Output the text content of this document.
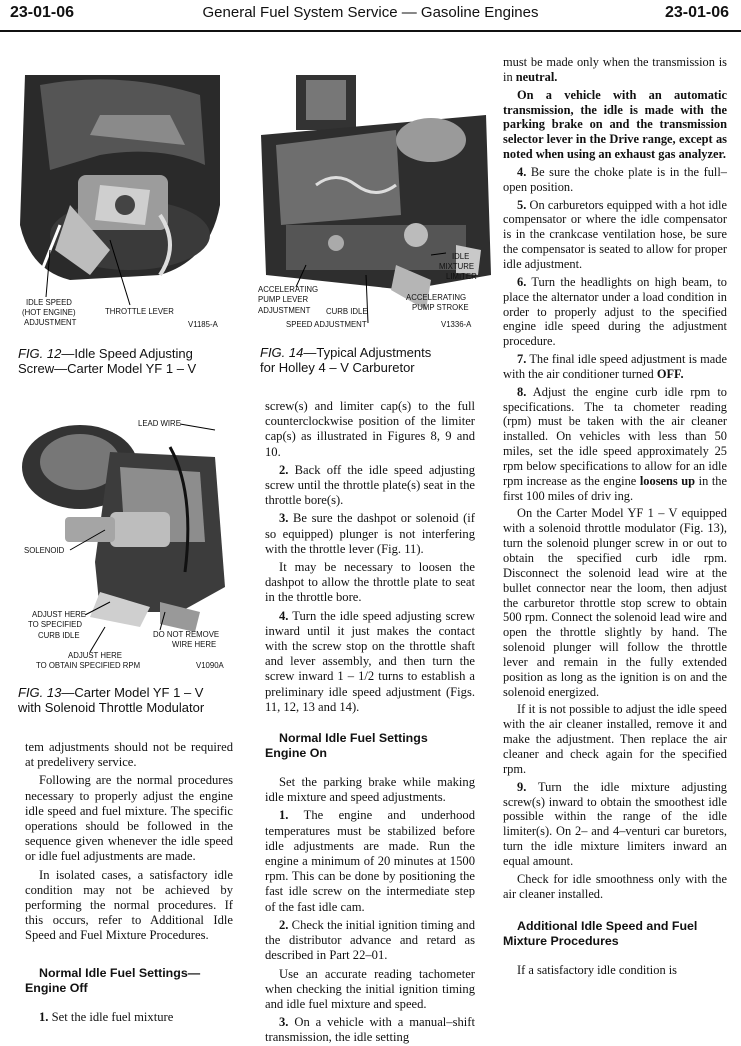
23-01-06	General Fuel System Service — Gasoline Engines	23-01-06
IDLE SPEED
(HOT ENGINE)
ADJUSTMENT
THROTTLE LEVER
V1185-A
FIG. 12—Idle Speed Adjusting
Screw—Carter Model YF 1 – V
IDLE
MIXTURE
LIMITER
ACCELERATING
PUMP LEVER
ADJUSTMENT CURB IDLE
SPEED ADJUSTMENT
ACCELERATING
PUMP STROKE
V1336-A
FIG. 14—Typical Adjustments
for Holley 4 – V Carburetor
LEAD WIRE
SOLENOID
ADJUST HERE
TO SPECIFIED
CURB IDLE	DO NOT REMOVE
WIRE HERE
ADJUST HERE
TO OBTAIN SPECIFIED RPM	V1090A
FIG. 13—Carter Model YF 1 – V
with Solenoid Throttle Modulator

tem adjustments should not be required at predelivery service.

Following are the normal procedures necessary to properly adjust the engine idle speed and fuel mixture. The specific operations should be followed in the sequence given whenever the idle speed or idle fuel adjustments are made.

In isolated cases, a satisfactory idle condition may not be achieved by performing the normal procedures. If this occurs, refer to Additional Idle Speed and Fuel Mixture Procedures.

Normal Idle Fuel Settings— Engine Off

1. Set the idle fuel mixture

screw(s) and limiter cap(s) to the full counterclockwise position of the limiter cap(s) as illustrated in Figures 8, 9 and 10.

2. Back off the idle speed adjusting screw until the throttle plate(s) seat in the throttle bore(s).

3. Be sure the dashpot or solenoid (if so equipped) plunger is not interfering with the throttle lever (Fig. 11).

It may be necessary to loosen the dashpot to allow the throttle plate to seat in the throttle bore.

4. Turn the idle speed adjusting screw inward until it just makes the contact with the screw stop on the throttle shaft and lever assembly, and then turn the screw inward 1 – 1/2 turns to establish a preliminary idle speed adjustment (Figs. 11, 12, 13 and 14).

Normal Idle Fuel Settings Engine On

Set the parking brake while making idle mixture and speed adjustments.

1. The engine and underhood temperatures must be stabilized before idle adjustments are made. Run the engine a minimum of 20 minutes at 1500 rpm. This can be done by positioning the fast idle screw on the intermediate step of the fast idle cam.

2. Check the initial ignition timing and the distributor advance and retard as described in Part 22–01.

Use an accurate reading tachometer when checking the initial ignition timing and idle fuel mixture and speed.

3. On a vehicle with a manual–shift transmission, the idle setting

must be made only when the transmission is in neutral.

On a vehicle with an automatic transmission, the idle is made with the parking brake on and the transmission selector lever in the Drive range, except as noted when using an exhaust gas analyzer.

4. Be sure the choke plate is in the full–open position.

5. On carburetors equipped with a hot idle compensator or where the idle compensator is in the crankcase ventilation hose, be sure the compensator is seated to allow for proper idle adjustment.

6. Turn the headlights on high beam, to place the alternator under a load condition in order to properly adjust to the specified engine idle speed during the adjustment procedure.

7. The final idle speed adjustment is made with the air conditioner turned OFF.

8. Adjust the engine curb idle rpm to specifications. The ta chometer reading (rpm) must be taken with the air cleaner installed. On vehicles with less than 50 miles, set the idle speed approximately 25 rpm below specifications to allow for an idle rpm increase as the engine loosens up in the first 100 miles of driv ing.

On the Carter Model YF 1 – V equipped with a solenoid throttle modulator (Fig. 13), turn the solenoid plunger screw in or out to obtain the specified curb idle rpm. Disconnect the solenoid lead wire at the bullet connector near the loom, then adjust the carburetor throttle stop screw to obtain 500 rpm. Connect the solenoid lead wire and open the throttle slightly by hand. The solenoid plunger will follow the throttle lever and remain in the fully extended position as long as the ignition is on and the solenoid energized.

If it is not possible to adjust the idle speed with the air cleaner installed, remove it and make the adjustment. Then replace the air cleaner and check again for the specified rpm.

9. Turn the idle mixture adjusting screw(s) inward to obtain the smoothest idle possible within the range of the idle limiter(s). On 2– and 4–venturi car buretors, turn the idle mixture limiters inward an equal amount.

Check for idle smoothness only with the air cleaner installed.

Additional Idle Speed and Fuel Mixture Procedures

If a satisfactory idle condition is
